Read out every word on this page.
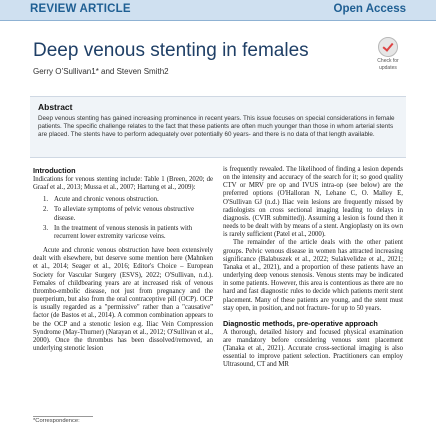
REVIEW ARTICLE	Open Access
Deep venous stenting in females
Gerry O’Sullivan1* and Steven Smith2
Check for
updates
Abstract
Deep venous stenting has gained increasing prominence in recent years. This issue focuses on special considerations in female patients. The specific challenge relates to the fact that these patients are often much younger than those in whom arterial stents are placed. The stents have to perform adequately over potentially 60 years- and there is no data of that length available.
Introduction

Indications for venous stenting include: Table 1 (Breen, 2020; de Graaf et al., 2013; Mussa et al., 2007; Hartung et al., 2009):

1. Acute and chronic venous obstruction.
2. To alleviate symptoms of pelvic venous obstructive disease.
3. In the treatment of venous stenosis in patients with recurrent lower extremity varicose veins.

Acute and chronic venous obstruction have been extensively dealt with elsewhere, but deserve some mention here (Mahnken et al., 2014; Seager et al., 2016; Editor's Choice – European Society for Vascular Surgery (ESVS), 2022; O'Sullivan, n.d.). Females of childbearing years are at increased risk of venous thrombo-embolic disease, not just from pregnancy and the puerperium, but also from the oral contraceptive pill (OCP). OCP is usually regarded as a "permissive" rather than a "causative" factor (de Bastos et al., 2014). A common combination appears to be the OCP and a stenotic lesion e.g. Iliac Vein Compression Syndrome (May-Thurner) (Narayan et al., 2012; O'Sullivan et al., 2000). Once the thrombus has been dissolved/removed, an underlying stenotic lesion

is frequently revealed. The likelihood of finding a lesion depends on the intensity and accuracy of the search for it; so good quality CTV or MRV pre op and IVUS intra-op (see below) are the preferred options (O'Halloran N, Lehane C, O. Malley E, O'Sullivan GJ (n.d.) Iliac vein lesions are frequently missed by radiologists on cross sectional imaging leading to delays in diagnosis. (CVIR submitted)). Assuming a lesion is found then it needs to be dealt with by means of a stent. Angioplasty on its own is rarely sufficient (Patel et al., 2000).

The remainder of the article deals with the other patient groups. Pelvic venous disease in women has attracted increasing significance (Balabuszek et al., 2022; Sulakvelidze et al., 2021; Tanaka et al., 2021), and a proportion of these patients have an underlying deep venous stenosis. Venous stents may be indicated in some patients. However, this area is contentious as there are no hard and fast diagnostic rules to decide which patients merit stent placement. Many of these patients are young, and the stent must stay open, in position, and not fracture- for up to 50 years.

Diagnostic methods, pre-operative approach

A thorough, detailed history and focused physical examination are mandatory before considering venous stent placement (Tanaka et al., 2021). Accurate cross-sectional imaging is also essential to improve patient selection. Practitioners can employ Ultrasound, CT and MR

*Correspondence:
